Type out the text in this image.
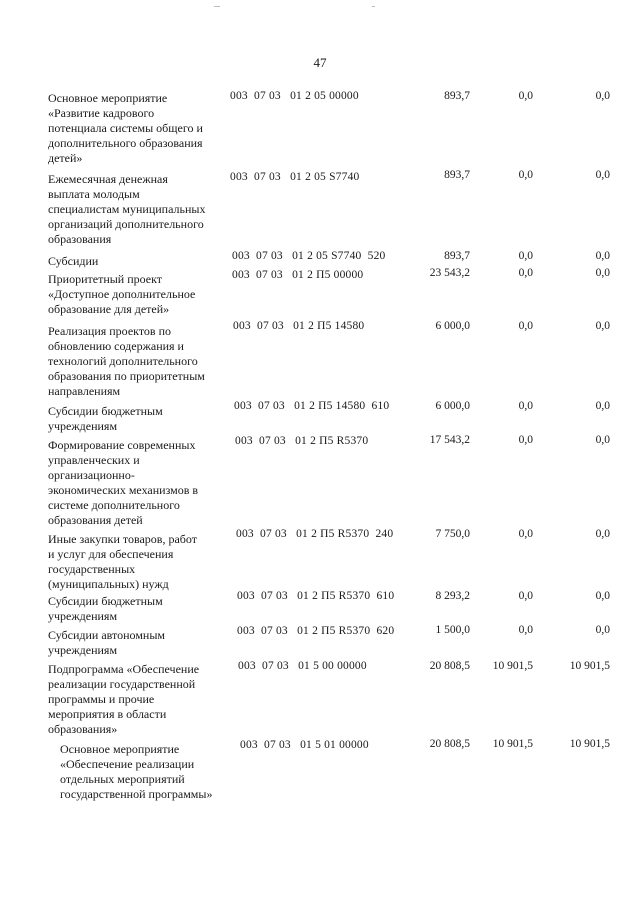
47
Основное мероприятие
«Развитие кадрового
потенциала системы общего и
дополнительного образования
детей»
003  07 03   01 2 05 00000	893,7	0,0	0,0
Ежемесячная денежная
выплата молодым
специалистам муниципальных
организаций дополнительного
образования
003  07 03   01 2 05 S7740	893,7	0,0	0,0
Субсидии	003  07 03   01 2 05 S7740  520	893,7	0,0	0,0
Приоритетный проект
«Доступное дополнительное
образование для детей»
003  07 03   01 2 П5 00000	23 543,2	0,0	0,0
Реализация проектов по
обновлению содержания и
технологий дополнительного
образования по приоритетным
направлениям
003  07 03   01 2 П5 14580	6 000,0	0,0	0,0
Субсидии бюджетным
учреждениям
003  07 03   01 2 П5 14580  610	6 000,0	0,0	0,0
Формирование современных
управленческих и
организационно-
экономических механизмов в
системе дополнительного
образования детей
003  07 03   01 2 П5 R5370	17 543,2	0,0	0,0
Иные закупки товаров, работ
и услуг для обеспечения
государственных
(муниципальных) нужд
003  07 03   01 2 П5 R5370  240	7 750,0	0,0	0,0
Субсидии бюджетным
учреждениям
003  07 03   01 2 П5 R5370  610	8 293,2	0,0	0,0
Субсидии автономным
учреждениям
003  07 03   01 2 П5 R5370  620	1 500,0	0,0	0,0
Подпрограмма «Обеспечение
реализации государственной
программы и прочие
мероприятия в области
образования»
003  07 03   01 5 00 00000	20 808,5	10 901,5	10 901,5
Основное мероприятие
«Обеспечение реализации
отдельных мероприятий
государственной программы»
003  07 03   01 5 01 00000	20 808,5	10 901,5	10 901,5
